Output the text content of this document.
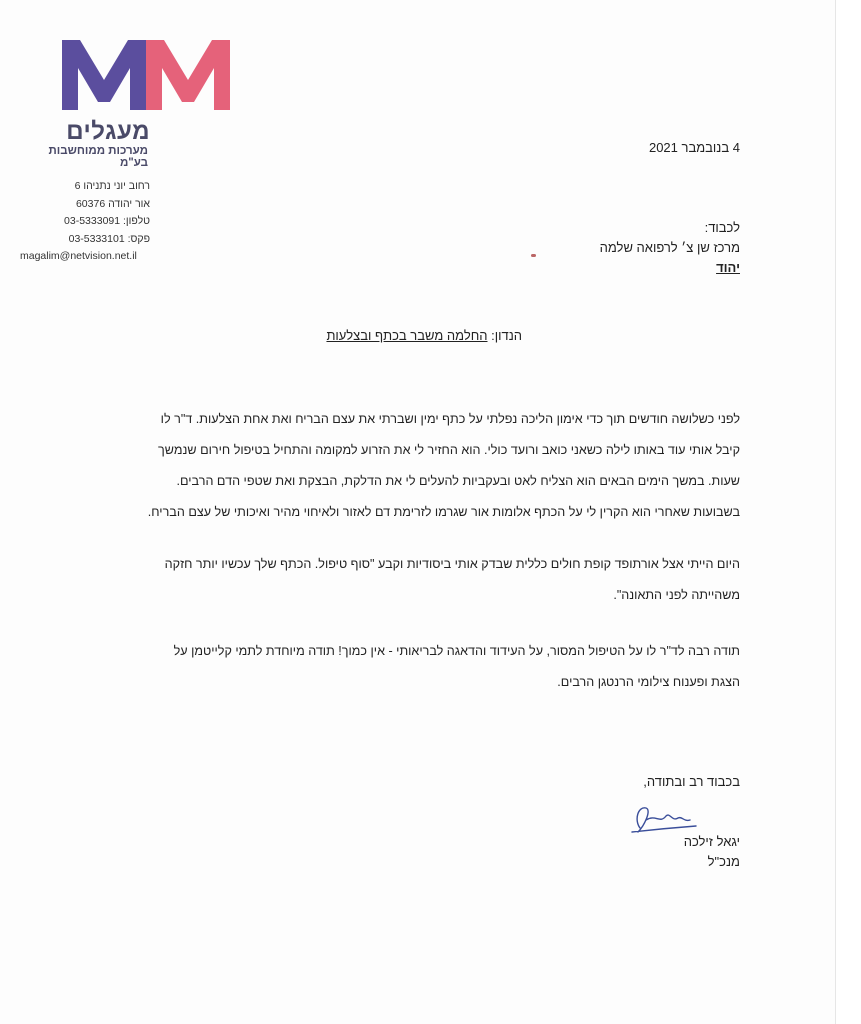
מעגלים
מערכות ממוחשבות בע"מ
רחוב יוני נתניהו 6
אור יהודה 60376
טלפון: 03-5333091
פקס: 03-5333101
magalim@netvision.net.il
4 בנובמבר 2021
לכבוד:
מרכז שן צ׳ לרפואה שלמה
יהוד
הנדון: החלמה משבר בכתף ובצלעות
לפני כשלושה חודשים תוך כדי אימון הליכה נפלתי על כתף ימין ושברתי את עצם הבריח ואת אחת הצלעות. ד"ר לו
קיבל אותי עוד באותו לילה כשאני כואב ורועד כולי. הוא החזיר לי את הזרוע למקומה והתחיל בטיפול חירום שנמשך
שעות. במשך הימים הבאים הוא הצליח לאט ובעקביות להעלים לי את הדלקת, הבצקת ואת שטפי הדם הרבים.
בשבועות שאחרי הוא הקרין לי על הכתף אלומות אור שגרמו לזרימת דם לאזור ולאיחוי מהיר ואיכותי של עצם הבריח.
היום הייתי אצל אורתופד קופת חולים כללית שבדק אותי ביסודיות וקבע "סוף טיפול. הכתף שלך עכשיו יותר חזקה
משהייתה לפני התאונה".
תודה רבה לד"ר לו על הטיפול המסור, על העידוד והדאגה לבריאותי - אין כמוך! תודה מיוחדת לתמי קלייטמן על
הצגת ופענוח צילומי הרנטגן הרבים.
בכבוד רב ובתודה,
יגאל זילכה
מנכ"ל
